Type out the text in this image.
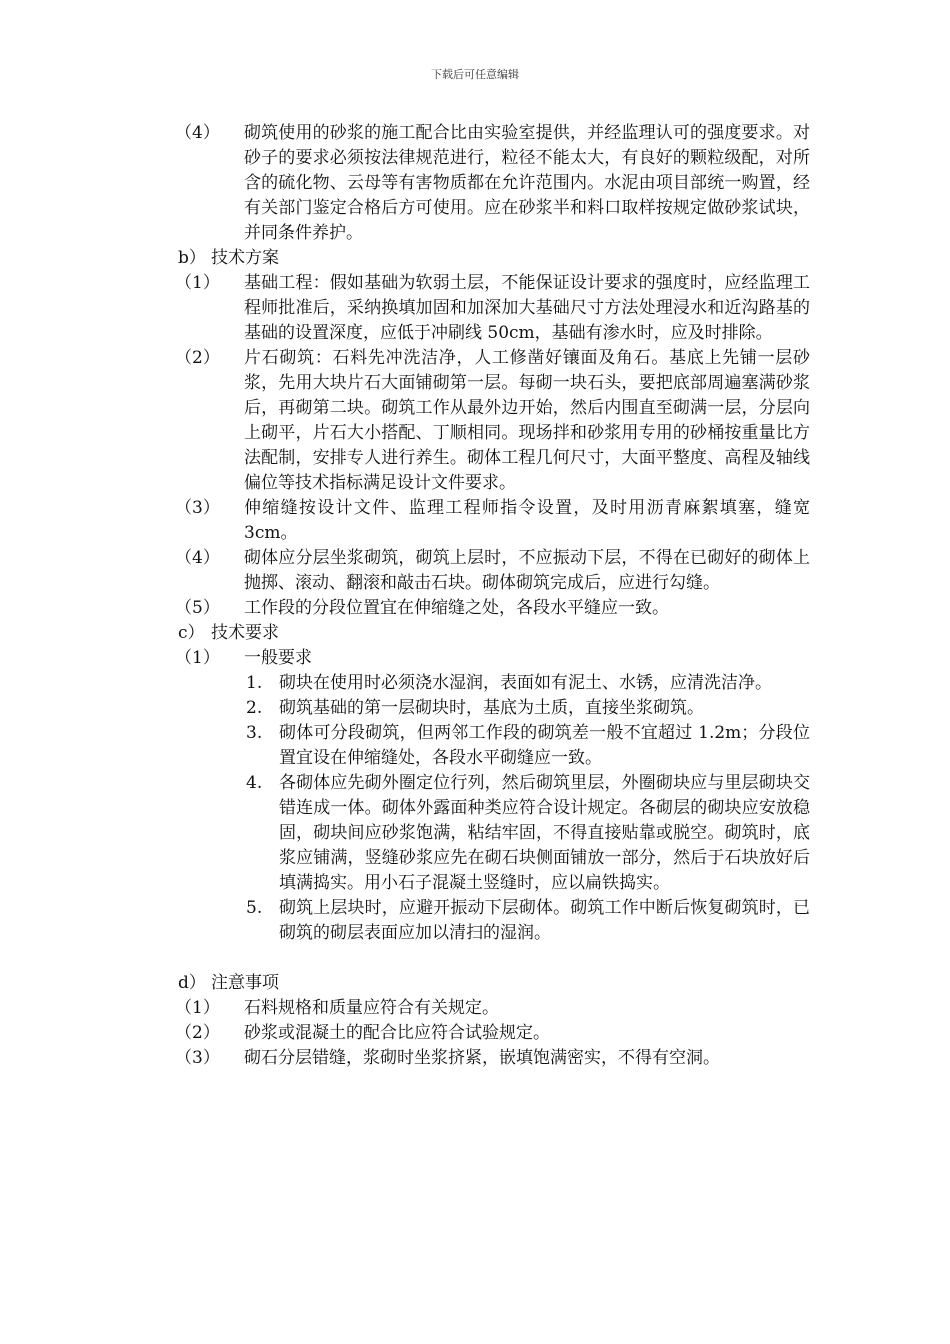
下载后可任意编辑
（4） 砌筑使用的砂浆的施工配合比由实验室提供，并经监理认可的强度要求。对砂子的要求必须按法律规范进行，粒径不能太大，有良好的颗粒级配，对所含的硫化物、云母等有害物质都在允许范围内。水泥由项目部统一购置，经有关部门鉴定合格后方可使用。应在砂浆半和料口取样按规定做砂浆试块，并同条件养护。
b） 技术方案
（1） 基础工程：假如基础为软弱土层，不能保证设计要求的强度时，应经监理工程师批准后，采纳换填加固和加深加大基础尺寸方法处理浸水和近沟路基的基础的设置深度，应低于冲刷线 50cm，基础有渗水时，应及时排除。
（2） 片石砌筑：石料先冲洗洁净，人工修凿好镶面及角石。基底上先铺一层砂浆，先用大块片石大面铺砌第一层。每砌一块石头，要把底部周遍塞满砂浆后，再砌第二块。砌筑工作从最外边开始，然后内围直至砌满一层，分层向上砌平，片石大小搭配、丁顺相同。现场拌和砂浆用专用的砂桶按重量比方法配制，安排专人进行养生。砌体工程几何尺寸，大面平整度、高程及轴线偏位等技术指标满足设计文件要求。
（3） 伸缩缝按设计文件、监理工程师指令设置，及时用沥青麻絮填塞，缝宽 3cm。
（4） 砌体应分层坐浆砌筑，砌筑上层时，不应振动下层，不得在已砌好的砌体上抛掷、滚动、翻滚和敲击石块。砌体砌筑完成后，应进行勾缝。
（5） 工作段的分段位置宜在伸缩缝之处，各段水平缝应一致。
c） 技术要求
（1） 一般要求
1. 砌块在使用时必须浇水湿润，表面如有泥土、水锈，应清洗洁净。
2. 砌筑基础的第一层砌块时，基底为土质，直接坐浆砌筑。
3. 砌体可分段砌筑，但两邻工作段的砌筑差一般不宜超过 1.2m；分段位置宜设在伸缩缝处，各段水平砌缝应一致。
4. 各砌体应先砌外圈定位行列，然后砌筑里层，外圈砌块应与里层砌块交错连成一体。砌体外露面种类应符合设计规定。各砌层的砌块应安放稳固，砌块间应砂浆饱满，粘结牢固，不得直接贴靠或脱空。砌筑时，底浆应铺满，竖缝砂浆应先在砌石块侧面铺放一部分，然后于石块放好后填满捣实。用小石子混凝土竖缝时，应以扁铁捣实。
5. 砌筑上层块时，应避开振动下层砌体。砌筑工作中断后恢复砌筑时，已砌筑的砌层表面应加以清扫的湿润。
d） 注意事项
（1） 石料规格和质量应符合有关规定。
（2） 砂浆或混凝土的配合比应符合试验规定。
（3） 砌石分层错缝，浆砌时坐浆挤紧，嵌填饱满密实，不得有空洞。
